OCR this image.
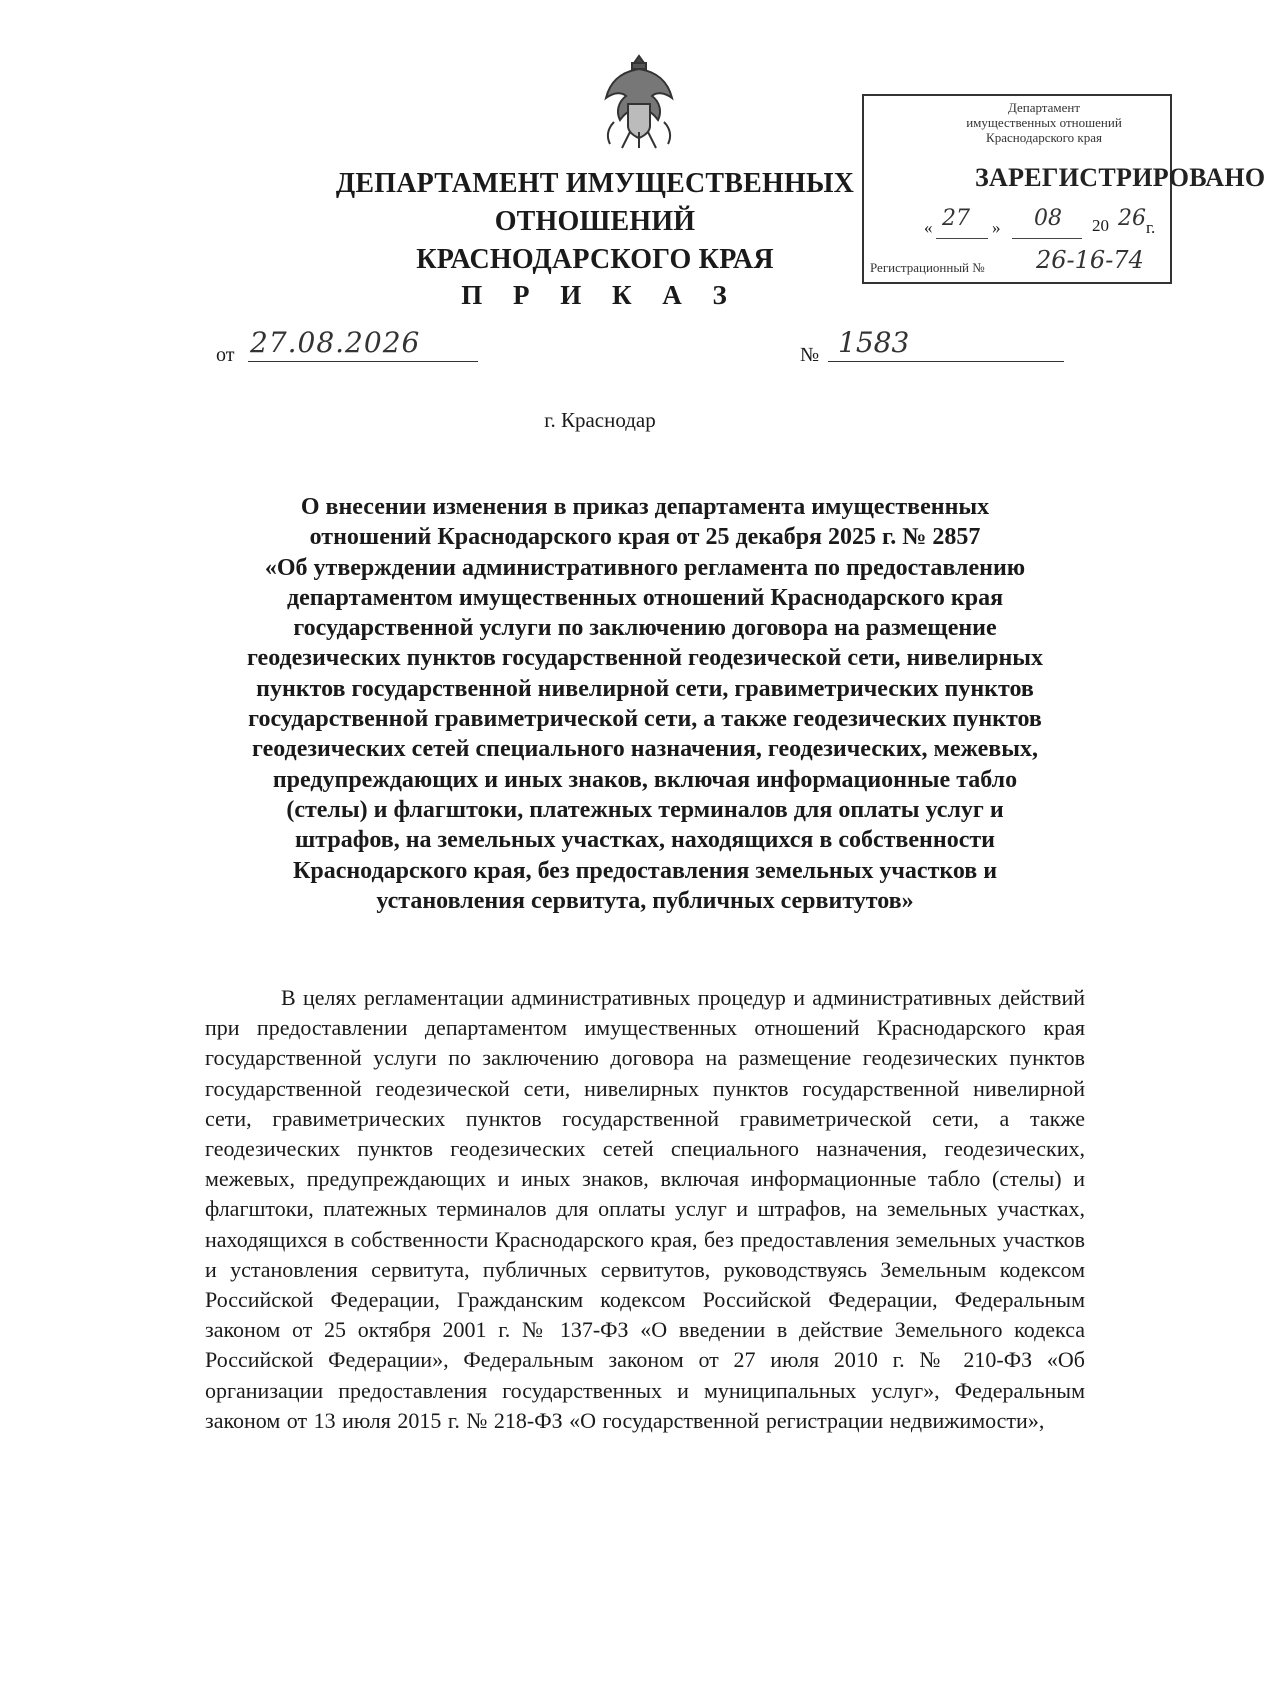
ДЕПАРТАМЕНТ ИМУЩЕСТВЕННЫХ ОТНОШЕНИЙ
КРАСНОДАРСКОГО КРАЯ
Департамент
имущественных отношений
Краснодарского края
« 27 » 08 20 26 г.
Регистрационный № 26-16-74
ЗАРЕГИСТРИРОВАНО
П Р И К А З
от 27.08.2026	№ 1583
г. Краснодар
О внесении изменения в приказ департамента имущественных
отношений Краснодарского края от 25 декабря 2025 г. № 2857
«Об утверждении административного регламента по предоставлению
департаментом имущественных отношений Краснодарского края
государственной услуги по заключению договора на размещение
геодезических пунктов государственной геодезической сети, нивелирных
пунктов государственной нивелирной сети, гравиметрических пунктов
государственной гравиметрической сети, а также геодезических пунктов
геодезических сетей специального назначения, геодезических, межевых,
предупреждающих и иных знаков, включая информационные табло
(стелы) и флагштоки, платежных терминалов для оплаты услуг и
штрафов, на земельных участках, находящихся в собственности
Краснодарского края, без предоставления земельных участков и
установления сервитута, публичных сервитутов»

В целях регламентации административных процедур и административных действий при предоставлении департаментом имущественных отношений Краснодарского края государственной услуги по заключению договора на размещение геодезических пунктов государственной геодезической сети, нивелирных пунктов государственной нивелирной сети, гравиметрических пунктов государственной гравиметрической сети, а также геодезических пунктов геодезических сетей специального назначения, геодезических, межевых, предупреждающих и иных знаков, включая информационные табло (стелы) и флагштоки, платежных терминалов для оплаты услуг и штрафов, на земельных участках, находящихся в собственности Краснодарского края, без предоставления земельных участков и установления сервитута, публичных сервитутов, руководствуясь Земельным кодексом Российской Федерации, Гражданским кодексом Российской Федерации, Федеральным законом от 25 октября 2001 г. № 137-ФЗ «О введении в действие Земельного кодекса Российской Федерации», Федеральным законом от 27 июля 2010 г. № 210-ФЗ «Об организации предоставления государственных и муниципальных услуг», Федеральным законом от 13 июля 2015 г. № 218-ФЗ «О государственной регистрации недвижимости»,
